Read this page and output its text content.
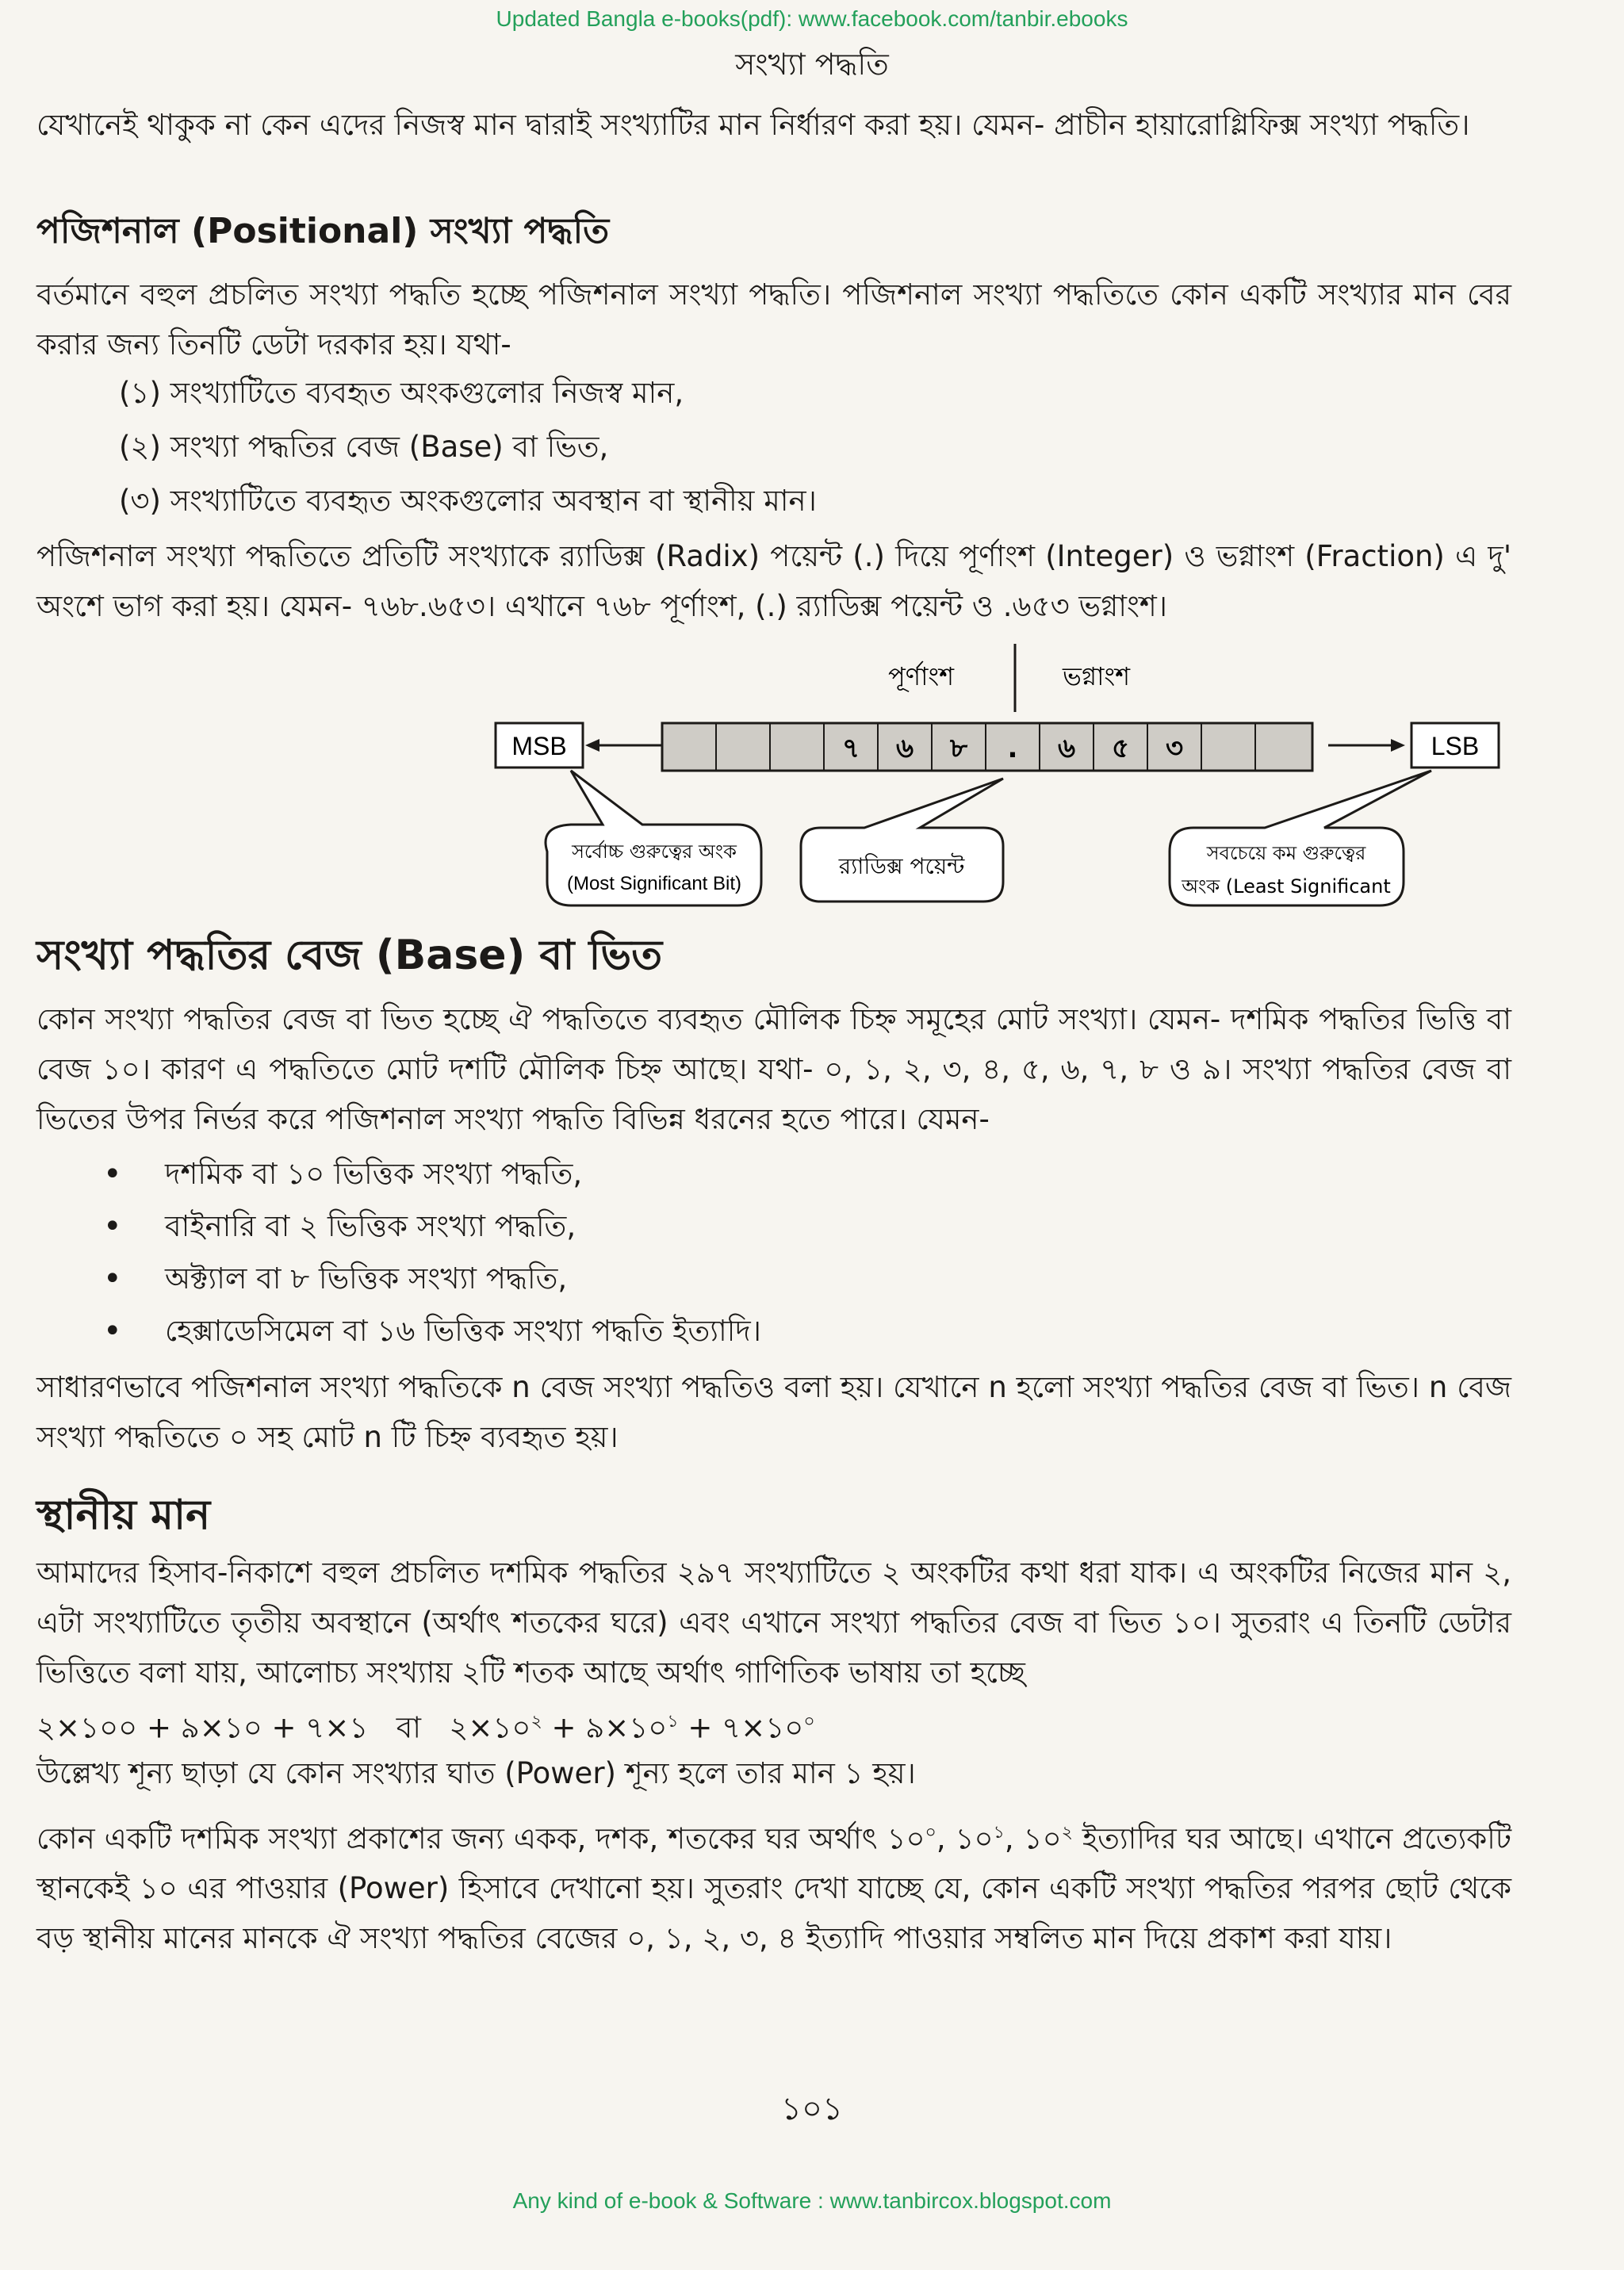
Updated Bangla e-books(pdf): www.facebook.com/tanbir.ebooks
সংখ্যা পদ্ধতি

যেখানেই থাকুক না কেন এদের নিজস্ব মান দ্বারাই সংখ্যাটির মান নির্ধারণ করা হয়। যেমন- প্রাচীন হায়ারোগ্লিফিক্স সংখ্যা পদ্ধতি।

পজিশনাল (Positional) সংখ্যা পদ্ধতি

বর্তমানে বহুল প্রচলিত সংখ্যা পদ্ধতি হচ্ছে পজিশনাল সংখ্যা পদ্ধতি। পজিশনাল সংখ্যা পদ্ধতিতে কোন একটি সংখ্যার মান বের করার জন্য তিনটি ডেটা দরকার হয়। যথা-

(১) সংখ্যাটিতে ব্যবহৃত অংকগুলোর নিজস্ব মান,
(২) সংখ্যা পদ্ধতির বেজ (Base) বা ভিত,
(৩) সংখ্যাটিতে ব্যবহৃত অংকগুলোর অবস্থান বা স্থানীয় মান।

পজিশনাল সংখ্যা পদ্ধতিতে প্রতিটি সংখ্যাকে র‍্যাডিক্স (Radix) পয়েন্ট (.) দিয়ে পূর্ণাংশ (Integer) ও ভগ্নাংশ (Fraction) এ দু' অংশে ভাগ করা হয়। যেমন- ৭৬৮.৬৫৩। এখানে ৭৬৮ পূর্ণাংশ, (.) র‍্যাডিক্স পয়েন্ট ও .৬৫৩ ভগ্নাংশ।

পূর্ণাংশ	ভগ্নাংশ
MSB	৭ ৬ ৮ . ৬ ৫ ৩	LSB
সর্বোচ্চ গুরুত্বের অংক
(Most Significant Bit)
র‍্যাডিক্স পয়েন্ট	সবচেয়ে কম গুরুত্বের
অংক (Least Significant
সংখ্যা পদ্ধতির বেজ (Base) বা ভিত

কোন সংখ্যা পদ্ধতির বেজ বা ভিত হচ্ছে ঐ পদ্ধতিতে ব্যবহৃত মৌলিক চিহ্ন সমূহের মোট সংখ্যা। যেমন- দশমিক পদ্ধতির ভিত্তি বা বেজ ১০। কারণ এ পদ্ধতিতে মোট দশটি মৌলিক চিহ্ন আছে। যথা- ০, ১, ২, ৩, ৪, ৫, ৬, ৭, ৮ ও ৯। সংখ্যা পদ্ধতির বেজ বা ভিতের উপর নির্ভর করে পজিশনাল সংখ্যা পদ্ধতি বিভিন্ন ধরনের হতে পারে। যেমন-

• দশমিক বা ১০ ভিত্তিক সংখ্যা পদ্ধতি,
• বাইনারি বা ২ ভিত্তিক সংখ্যা পদ্ধতি,
• অক্ট্যাল বা ৮ ভিত্তিক সংখ্যা পদ্ধতি,
• হেক্সাডেসিমেল বা ১৬ ভিত্তিক সংখ্যা পদ্ধতি ইত্যাদি।

সাধারণভাবে পজিশনাল সংখ্যা পদ্ধতিকে n বেজ সংখ্যা পদ্ধতিও বলা হয়। যেখানে n হলো সংখ্যা পদ্ধতির বেজ বা ভিত। n বেজ সংখ্যা পদ্ধতিতে ০ সহ মোট n টি চিহ্ন ব্যবহৃত হয়।

স্থানীয় মান

আমাদের হিসাব-নিকাশে বহুল প্রচলিত দশমিক পদ্ধতির ২৯৭ সংখ্যাটিতে ২ অংকটির কথা ধরা যাক। এ অংকটির নিজের মান ২, এটা সংখ্যাটিতে তৃতীয় অবস্থানে (অর্থাৎ শতকের ঘরে) এবং এখানে সংখ্যা পদ্ধতির বেজ বা ভিত ১০। সুতরাং এ তিনটি ডেটার ভিত্তিতে বলা যায়, আলোচ্য সংখ্যায় ২টি শতক আছে অর্থাৎ গাণিতিক ভাষায় তা হচ্ছে

২×১০০ + ৯×১০ + ৭×১ বা $২\times ১০^২$ + $৯\times ১০^১$ + $৭\times ১০^০$

উল্লেখ্য শূন্য ছাড়া যে কোন সংখ্যার ঘাত (Power) শূন্য হলে তার মান ১ হয়।

কোন একটি দশমিক সংখ্যা প্রকাশের জন্য একক, দশক, শতকের ঘর অর্থাৎ $১০^০$, $১০^১$, $১০^২$ ইত্যাদির ঘর আছে। এখানে প্রত্যেকটি স্থানকেই ১০ এর পাওয়ার (Power) হিসাবে দেখানো হয়। সুতরাং দেখা যাচ্ছে যে, কোন একটি সংখ্যা পদ্ধতির পরপর ছোট থেকে বড় স্থানীয় মানের মানকে ঐ সংখ্যা পদ্ধতির বেজের ০, ১, ২, ৩, ৪ ইত্যাদি পাওয়ার সম্বলিত মান দিয়ে প্রকাশ করা যায়।

১০১
Any kind of e-book & Software : www.tanbircox.blogspot.com
